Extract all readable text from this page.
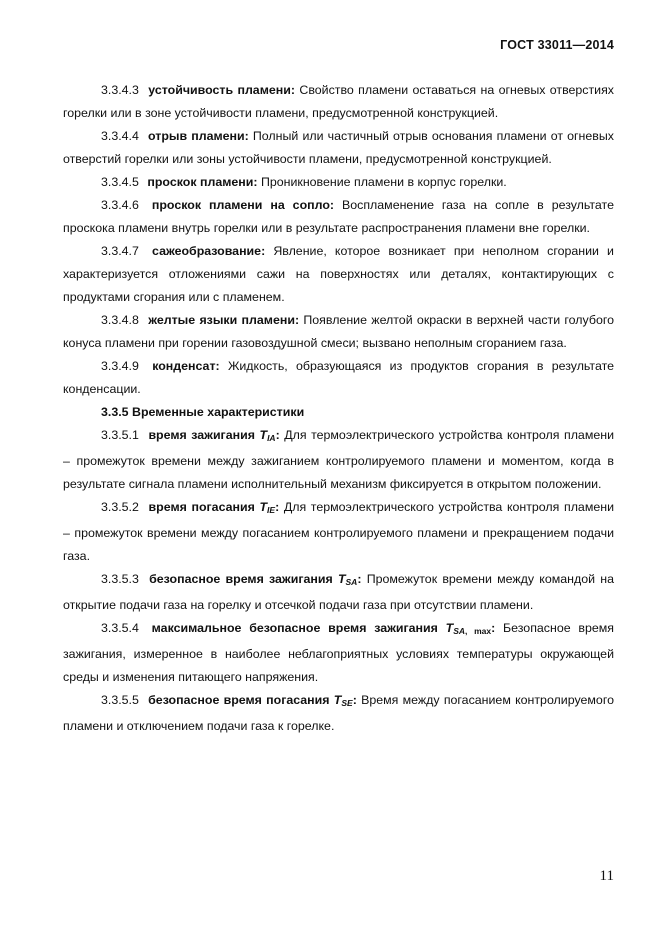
ГОСТ 33011—2014

3.3.4.3 устойчивость пламени: Свойство пламени оставаться на огневых отверстиях горелки или в зоне устойчивости пламени, предусмотренной конструкцией.

3.3.4.4 отрыв пламени: Полный или частичный отрыв основания пламени от огневых отверстий горелки или зоны устойчивости пламени, предусмотренной конструкцией.

3.3.4.5 проскок пламени: Проникновение пламени в корпус горелки.

3.3.4.6 проскок пламени на сопло: Воспламенение газа на сопле в результате проскока пламени внутрь горелки или в результате распространения пламени вне горелки.

3.3.4.7 сажеобразование: Явление, которое возникает при неполном сгорании и характеризуется отложениями сажи на поверхностях или деталях, контактирующих с продуктами сгорания или с пламенем.

3.3.4.8 желтые языки пламени: Появление желтой окраски в верхней части голубого конуса пламени при горении газовоздушной смеси; вызвано неполным сгоранием газа.

3.3.4.9 конденсат: Жидкость, образующаяся из продуктов сгорания в результате конденсации.

3.3.5 Временные характеристики

3.3.5.1 время зажигания $T_{IA}$: Для термоэлектрического устройства контроля пламени – промежуток времени между зажиганием контролируемого пламени и моментом, когда в результате сигнала пламени исполнительный механизм фиксируется в открытом положении.

3.3.5.2 время погасания $T_{IE}$: Для термоэлектрического устройства контроля пламени – промежуток времени между погасанием контролируемого пламени и прекращением подачи газа.

3.3.5.3 безопасное время зажигания $T_{SA}$: Промежуток времени между командой на открытие подачи газа на горелку и отсечкой подачи газа при отсутствии пламени.

3.3.5.4 максимальное безопасное время зажигания $T_{SA}$, max: Безопасное время зажигания, измеренное в наиболее неблагоприятных условиях температуры окружающей среды и изменения питающего напряжения.

3.3.5.5 безопасное время погасания $T_{SE}$: Время между погасанием контролируемого пламени и отключением подачи газа к горелке.

11
